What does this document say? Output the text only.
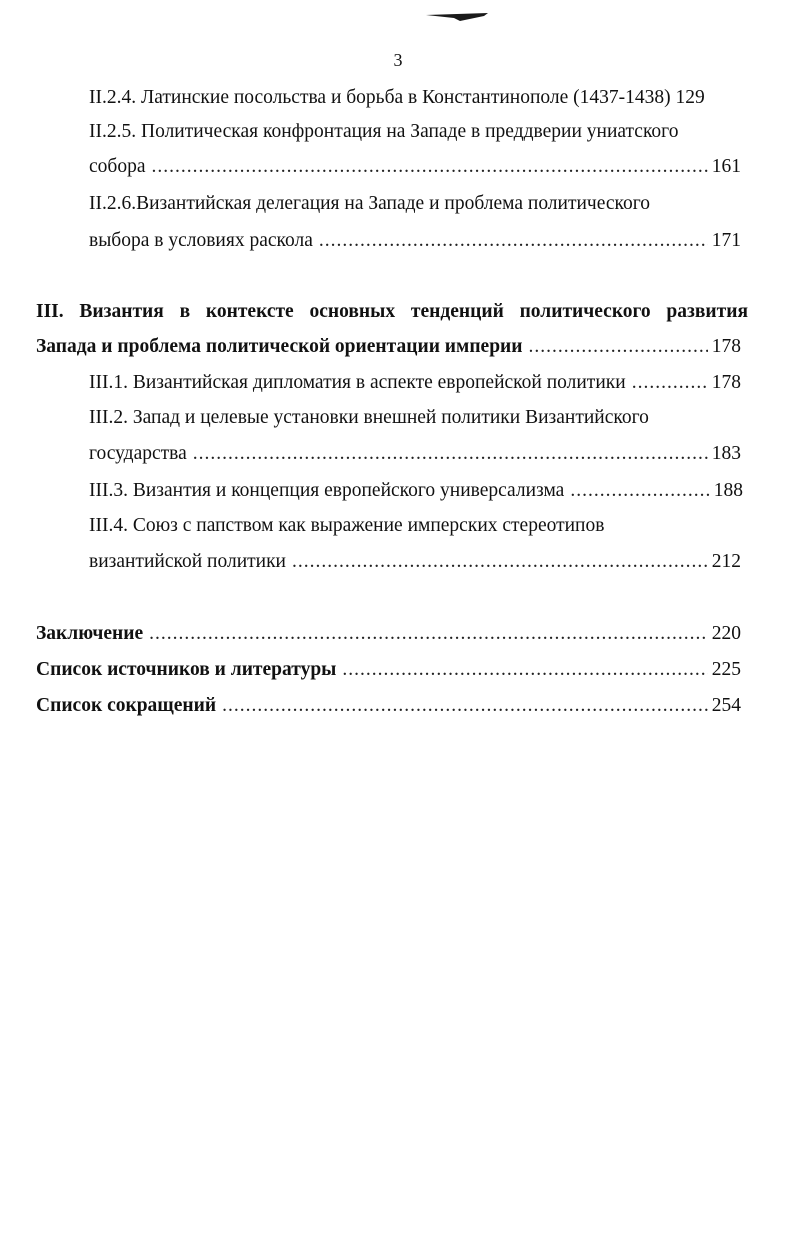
3
II.2.4. Латинские посольства и борьба в Константинополе (1437-1438) 129
II.2.5. Политическая конфронтация на Западе в преддверии униатского
собора .....	161
II.2.6.Византийская делегация на Западе и проблема политического
выбора в условиях раскола .....	171
III. Византия в контексте основных тенденций политического развития
Запада и проблема политической ориентации империи .....	178
III.1. Византийская дипломатия в аспекте европейской политики .....	178
III.2. Запад и целевые установки внешней политики Византийского
государства .....	183
III.3. Византия и концепция европейского универсализма .....	188
III.4. Союз с папством как выражение имперских стереотипов
византийской политики .....	212
Заключение .....	220
Список источников и литературы .....	225
Список сокращений .....	254
